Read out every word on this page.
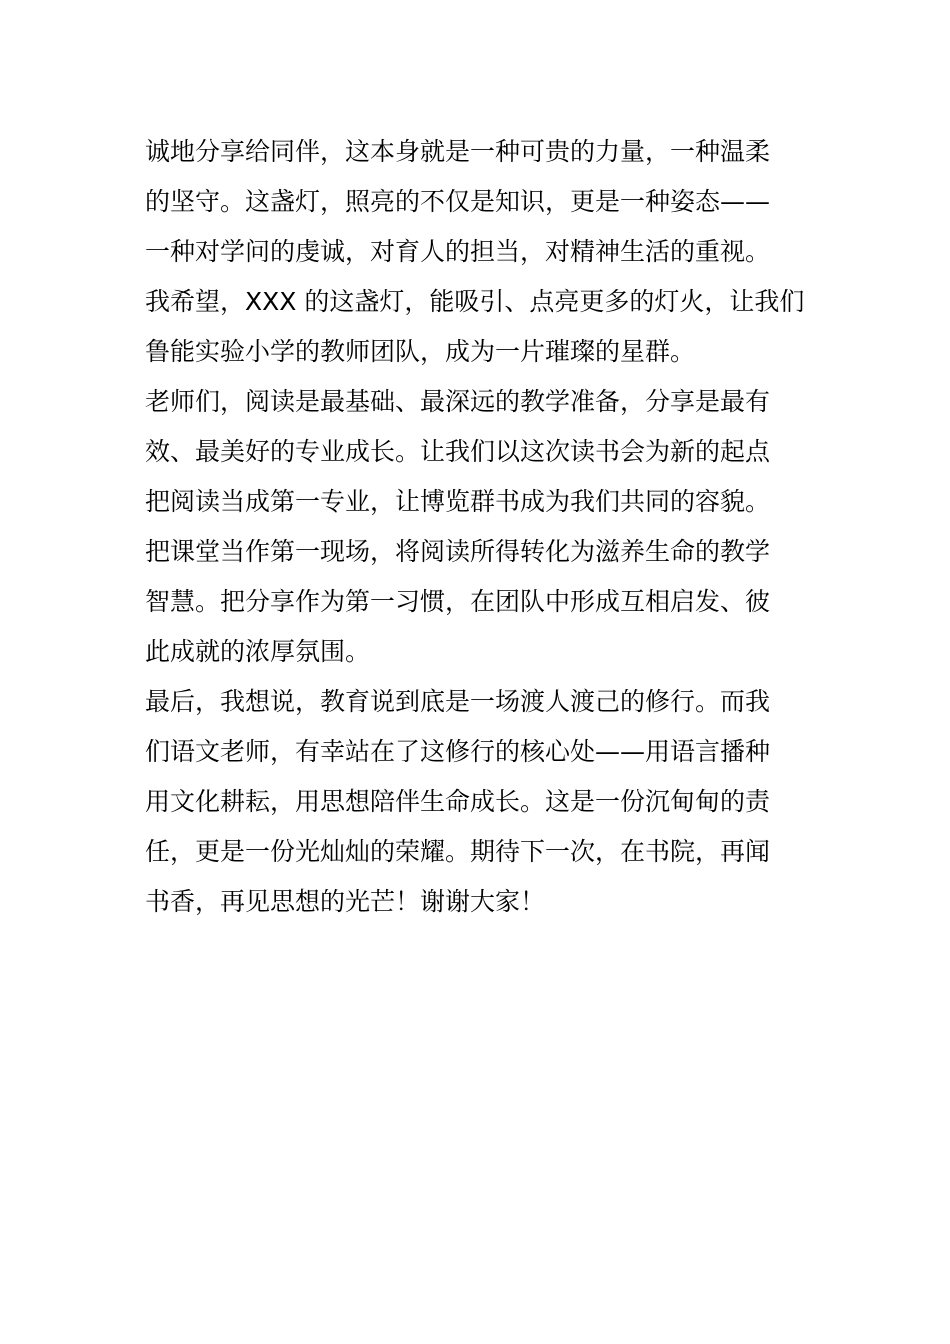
诚地分享给同伴，这本身就是一种可贵的力量，一种温柔
的坚守。这盏灯，照亮的不仅是知识，更是一种姿态——
一种对学问的虔诚，对育人的担当，对精神生活的重视。
我希望，XXX 的这盏灯，能吸引、点亮更多的灯火，让我们
鲁能实验小学的教师团队，成为一片璀璨的星群。
老师们，阅读是最基础、最深远的教学准备，分享是最有
效、最美好的专业成长。让我们以这次读书会为新的起点
把阅读当成第一专业，让博览群书成为我们共同的容貌。
把课堂当作第一现场，将阅读所得转化为滋养生命的教学
智慧。把分享作为第一习惯，在团队中形成互相启发、彼
此成就的浓厚氛围。
最后，我想说，教育说到底是一场渡人渡己的修行。而我
们语文老师，有幸站在了这修行的核心处——用语言播种
用文化耕耘，用思想陪伴生命成长。这是一份沉甸甸的责
任，更是一份光灿灿的荣耀。期待下一次，在书院，再闻
书香，再见思想的光芒！谢谢大家！
